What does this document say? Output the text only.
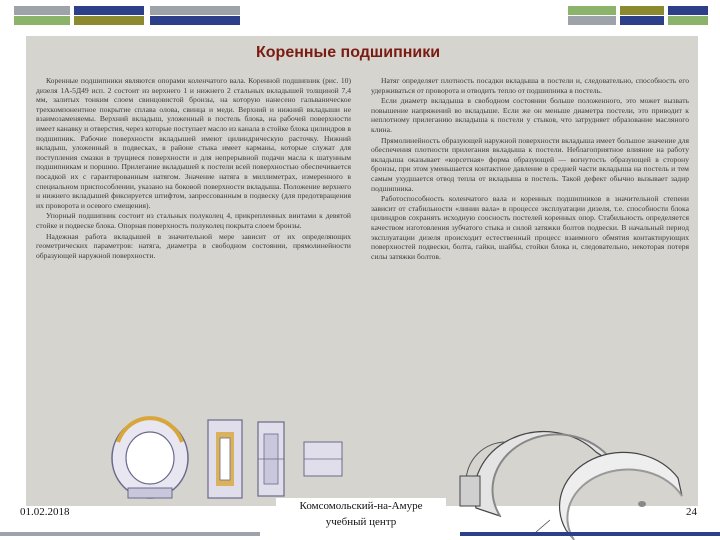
Коренные подшипники

Коренные подшипники являются опорами коленчатого вала. Коренной подшипник (рис. 10) дизеля 1А-5Д49 исп. 2 состоит из верхнего 1 и нижнего 2 стальных вкладышей толщиной 7,4 мм, залитых тонким слоем свинцовистой бронзы, на которую нанесено гальваническое трехкомпонентное покрытие сплава олова, свинца и меди. Верхний и нижний вкладыши не взаимозаменяемы. Верхний вкладыш, уложенный в постель блока, на рабочей поверхности имеет канавку и отверстия, через которые поступает масло из канала в стойке блока цилиндров в подшипник. Рабочие поверхности вкладышей имеют цилиндрическую расточку. Нижний вкладыш, уложенный в подвесках, в районе стыка имеет карманы, которые служат для поступления смазки в трущиеся поверхности и для непрерывной подачи масла к шатунным подшипникам и поршню. Прилегание вкладышей к постели всей поверхностью обеспечивается посадкой их с гарантированным натягом. Значение натяга в миллиметрах, измеренного в специальном приспособлении, указано на боковой поверхности вкладыша. Положение верхнего и нижнего вкладышей фиксируется штифтом, запрессованным в подвеску (для предотвращения их проворота и осевого смещения).

Упорный подшипник состоит из стальных полуколец 4, прикрепленных винтами к девятой стойке и подвеске блока. Опорная поверхность полуколец покрыта слоем бронзы.

Надежная работа вкладышей в значительной мере зависит от их определяющих геометрических параметров: натяга, диаметра в свободном состоянии, прямолинейности образующей наружной поверхности.

Натяг определяет плотность посадки вкладыша в постели и, следовательно, способность его удерживаться от проворота и отводить тепло от подшипника в постель.

Если диаметр вкладыша в свободном состоянии больше положенного, это может вызвать повышение напряжений во вкладыше. Если же он меньше диаметра постели, это приводит к неплотному прилеганию вкладыша к постели у стыков, что затрудняет образование масляного клина.

Прямолинейность образующей наружной поверхности вкладыша имеет большое значение для обеспечения плотности прилегания вкладыша к постели. Неблагоприятное влияние на работу вкладыша оказывает «корсетная» форма образующей — вогнутость образующей в сторону бронзы, при этом уменьшается контактное давление в средней части вкладыша на постель и тем самым ухудшается отвод тепла от вкладыша в постель. Такой дефект обычно вызывает задир подшипника.

Работоспособность коленчатого вала и коренных подшипников в значительной степени зависит от стабильности «линии вала» в процессе эксплуатации дизеля, т.е. способности блока цилиндров сохранять исходную соосность постелей коренных опор. Стабильность определяется качеством изготовления зубчатого стыка и силой затяжки болтов подвески. В начальный период эксплуатации дизеля происходит естественный процесс взаимного обмятия контактирующих поверхностей подвески, болта, гайки, шайбы, стойки блока и, следовательно, некоторая потеря силы затяжки болтов.

01.02.2018	Комсомольский-на-Амуре
учебный центр
24
